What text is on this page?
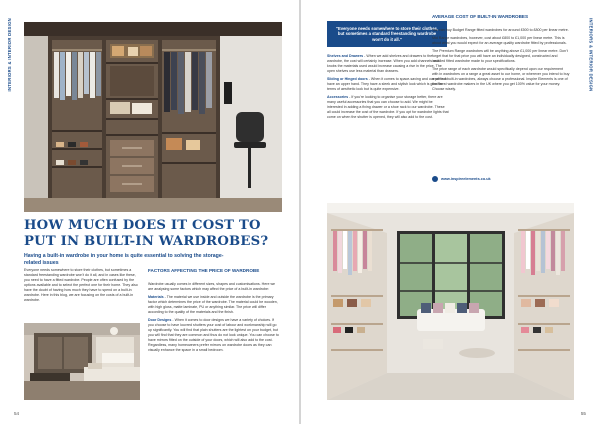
INTERIORS & INTERIOR DESIGN
HOW MUCH DOES IT COST TO PUT IN BUILT-IN WARDROBES?
Having a built-in wardrobe in your home is quite essential to solving the storage-related issues

Everyone needs somewhere to store their clothes, but sometimes a standard freestanding wardrobe won't do it all, and in cases like these, you need to have a fitted wardrobe. People are often confused by the options available and to select the perfect one for their home. They also have the doubt of having how much they have to spend on a built-in wardrobe. Here in this blog, we are focusing on the costs of a built-in wardrobe.

FACTORS AFFECTING THE PRICE OF WARDROBE

Wardrobe usually comes in different sizes, shapes and customisations. Here we are analysing some factors which may affect the price of a built-in wardrobe:

Materials - The material we use inside and outside the wardrobe is the primary factor which determines the price of the wardrobe. The material could be wooden, with high gloss, matte laminate, PU or anything similar. The price will differ according to the quality of the materials and the finish.

Door Designs - When it comes to door designs we have a variety of choices. If you choose to have louvred shutters your cost of labour and workmanship will go up significantly. You will find that plain shutters are the lightest on your budget, but you will find that they are common and thus do not look unique. You can choose to have mirrors fitted on the outside of your doors, which will also add to the cost. Regardless, many homeowners prefer mirrors on wardrobe doors as they can visually enhance the space in a small bedroom.

54
INTERIORS & INTERIOR DESIGN
"Everyone needs somewhere to store their clothes, but sometimes a standard freestanding wardrobe won't do it all."

Shelves and Drawers - When we add shelves and drawers to the wardrobe, the cost will certainly increase. When you add channels and knobs the materials used would increase causing a rise in the price. The open shelves use less material than drawers.

Sliding or Hinged doors - When it comes to space-saving and overall look have an upper hand. They have a sleek and stylish look which is good in terms of aesthetic look but is quite expensive.

Accessories - If you're looking to organise your storage better, there are many useful accessories that you can choose to add. We might be interested in adding a fixing drawer or a shoe rack to our wardrobe. These all could increase the cost of the wardrobe. If you opt for wardrobe lights that come on when the shutter is opened, they will also add to the cost.

AVERAGE COST OF BUILT-IN WARDROBES

You can buy Budget Range fitted wardrobes for around £500 to £800 per linear metre.

Mid Range wardrobes, however, cost about £800 to £1,000 per linear metre. This is about what you would expect for an average quality wardrobe fitted by professionals.

The Premium Range wardrobes will be anything above £1,000 per linear metre. Don't forget that for that price you will have an individually designed, constructed and installed fitted wardrobe made to your specifications.

The price range of each wardrobe would specifically depend upon our requirement with in wardrobes on a range a great asset to our home, or wherever you intend to buy a perfect built-in wardrobes, always choose a professional. Inspire Elements is one of the finest wardrobe makers in the UK where you get 100% value for your money. Choose wisely.

www.inspireelements.co.uk
55
